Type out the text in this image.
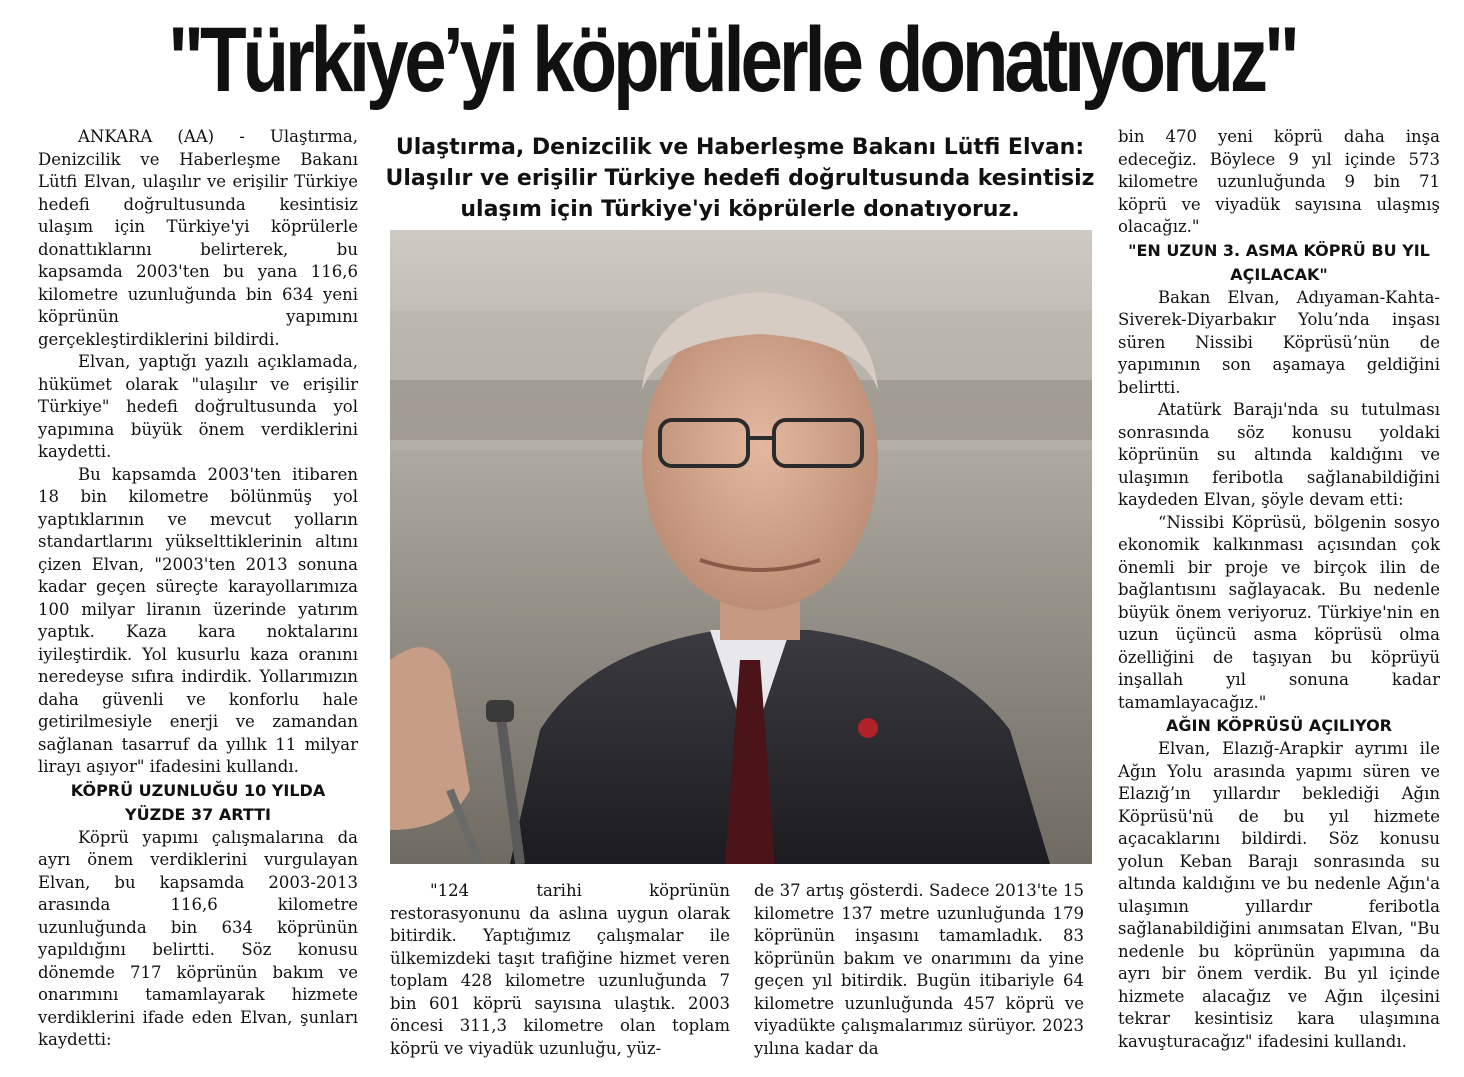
"Türkiye’yi köprülerle donatıyoruz"
Ulaştırma, Denizcilik ve Haberleşme Bakanı Lütfi Elvan: Ulaşılır ve erişilir Türkiye hedefi doğrultusunda kesintisiz ulaşım için Türkiye'yi köprülerle donatıyoruz.

ANKARA (AA) - Ulaştırma, Denizcilik ve Haberleşme Bakanı Lütfi Elvan, ulaşılır ve erişilir Türkiye hedefi doğrultusunda kesintisiz ulaşım için Türkiye'yi köprülerle donattıklarını belirterek, bu kapsamda 2003'ten bu yana 116,6 kilometre uzunluğunda bin 634 yeni köprünün yapımını gerçekleştirdiklerini bildirdi.

Elvan, yaptığı yazılı açıklamada, hükümet olarak "ulaşılır ve erişilir Türkiye" hedefi doğrultusunda yol yapımına büyük önem verdiklerini kaydetti.

Bu kapsamda 2003'ten itibaren 18 bin kilometre bölünmüş yol yaptıklarının ve mevcut yolların standartlarını yükselttiklerinin altını çizen Elvan, "2003'ten 2013 sonuna kadar geçen süreçte karayollarımıza 100 milyar liranın üzerinde yatırım yaptık. Kaza kara noktalarını iyileştirdik. Yol kusurlu kaza oranını neredeyse sıfıra indirdik. Yollarımızın daha güvenli ve konforlu hale getirilmesiyle enerji ve zamandan sağlanan tasarruf da yıllık 11 milyar lirayı aşıyor" ifadesini kullandı.

KÖPRÜ UZUNLUĞU 10 YILDA YÜZDE 37 ARTTI

Köprü yapımı çalışmalarına da ayrı önem verdiklerini vurgulayan Elvan, bu kapsamda 2003-2013 arasında 116,6 kilometre uzunluğunda bin 634 köprünün yapıldığını belirtti. Söz konusu dönemde 717 köprünün bakım ve onarımını tamamlayarak hizmete verdiklerini ifade eden Elvan, şunları kaydetti:

"124 tarihi köprünün restorasyonunu da aslına uygun olarak bitirdik. Yaptığımız çalışmalar ile ülkemizdeki taşıt trafiğine hizmet veren toplam 428 kilometre uzunluğunda 7 bin 601 köprü sayısına ulaştık. 2003 öncesi 311,3 kilometre olan toplam köprü ve viyadük uzunluğu, yüz-

de 37 artış gösterdi. Sadece 2013'te 15 kilometre 137 metre uzunluğunda 179 köprünün inşasını tamamladık. 83 köprünün bakım ve onarımını da yine geçen yıl bitirdik. Bugün itibariyle 64 kilometre uzunluğunda 457 köprü ve viyadükte çalışmalarımız sürüyor. 2023 yılına kadar da

bin 470 yeni köprü daha inşa edeceğiz. Böylece 9 yıl içinde 573 kilometre uzunluğunda 9 bin 71 köprü ve viyadük sayısına ulaşmış olacağız."

"EN UZUN 3. ASMA KÖPRÜ BU YIL AÇILACAK"

Bakan Elvan, Adıyaman-Kahta-Siverek-Diyarbakır Yolu’nda inşası süren Nissibi Köprüsü’nün de yapımının son aşamaya geldiğini belirtti.

Atatürk Barajı'nda su tutulması sonrasında söz konusu yoldaki köprünün su altında kaldığını ve ulaşımın feribotla sağlanabildiğini kaydeden Elvan, şöyle devam etti:

“Nissibi Köprüsü, bölgenin sosyo ekonomik kalkınması açısından çok önemli bir proje ve birçok ilin de bağlantısını sağlayacak. Bu nedenle büyük önem veriyoruz. Türkiye'nin en uzun üçüncü asma köprüsü olma özelliğini de taşıyan bu köprüyü inşallah yıl sonuna kadar tamamlayacağız."

AĞIN KÖPRÜSÜ AÇILIYOR

Elvan, Elazığ-Arapkir ayrımı ile Ağın Yolu arasında yapımı süren ve Elazığ’ın yıllardır beklediği Ağın Köprüsü'nü de bu yıl hizmete açacaklarını bildirdi. Söz konusu yolun Keban Barajı sonrasında su altında kaldığını ve bu nedenle Ağın'a ulaşımın yıllardır feribotla sağlanabildiğini anımsatan Elvan, "Bu nedenle bu köprünün yapımına da ayrı bir önem verdik. Bu yıl içinde hizmete alacağız ve Ağın ilçesini tekrar kesintisiz kara ulaşımına kavuşturacağız" ifadesini kullandı.
